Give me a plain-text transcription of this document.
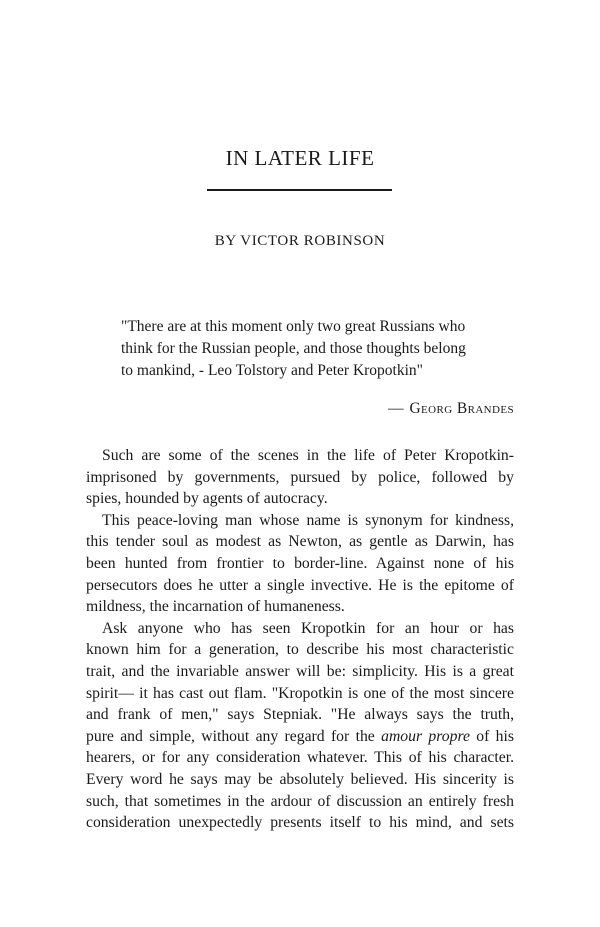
IN LATER LIFE
BY VICTOR ROBINSON
"There are at this moment only two great Russians who
think for the Russian people, and those thoughts belong
to mankind, - Leo Tolstory and Peter Kropotkin"
— Georg Brandes

Such are some of the scenes in the life of Peter Kropotkin-
imprisoned by governments, pursued by police, followed by
spies, hounded by agents of autocracy.

This peace-loving man whose name is synonym for kindness,
this tender soul as modest as Newton, as gentle as Darwin, has
been hunted from frontier to border-line. Against none of his
persecutors does he utter a single invective. He is the epitome of
mildness, the incarnation of humaneness.

Ask anyone who has seen Kropotkin for an hour or has
known him for a generation, to describe his most characteristic
trait, and the invariable answer will be: simplicity. His is a great
spirit— it has cast out flam. "Kropotkin is one of the most sincere
and frank of men," says Stepniak. "He always says the truth,
pure and simple, without any regard for the amour propre of his
hearers, or for any consideration whatever. This of his character.
Every word he says may be absolutely believed. His sincerity is
such, that sometimes in the ardour of discussion an entirely fresh
consideration unexpectedly presents itself to his mind, and sets
